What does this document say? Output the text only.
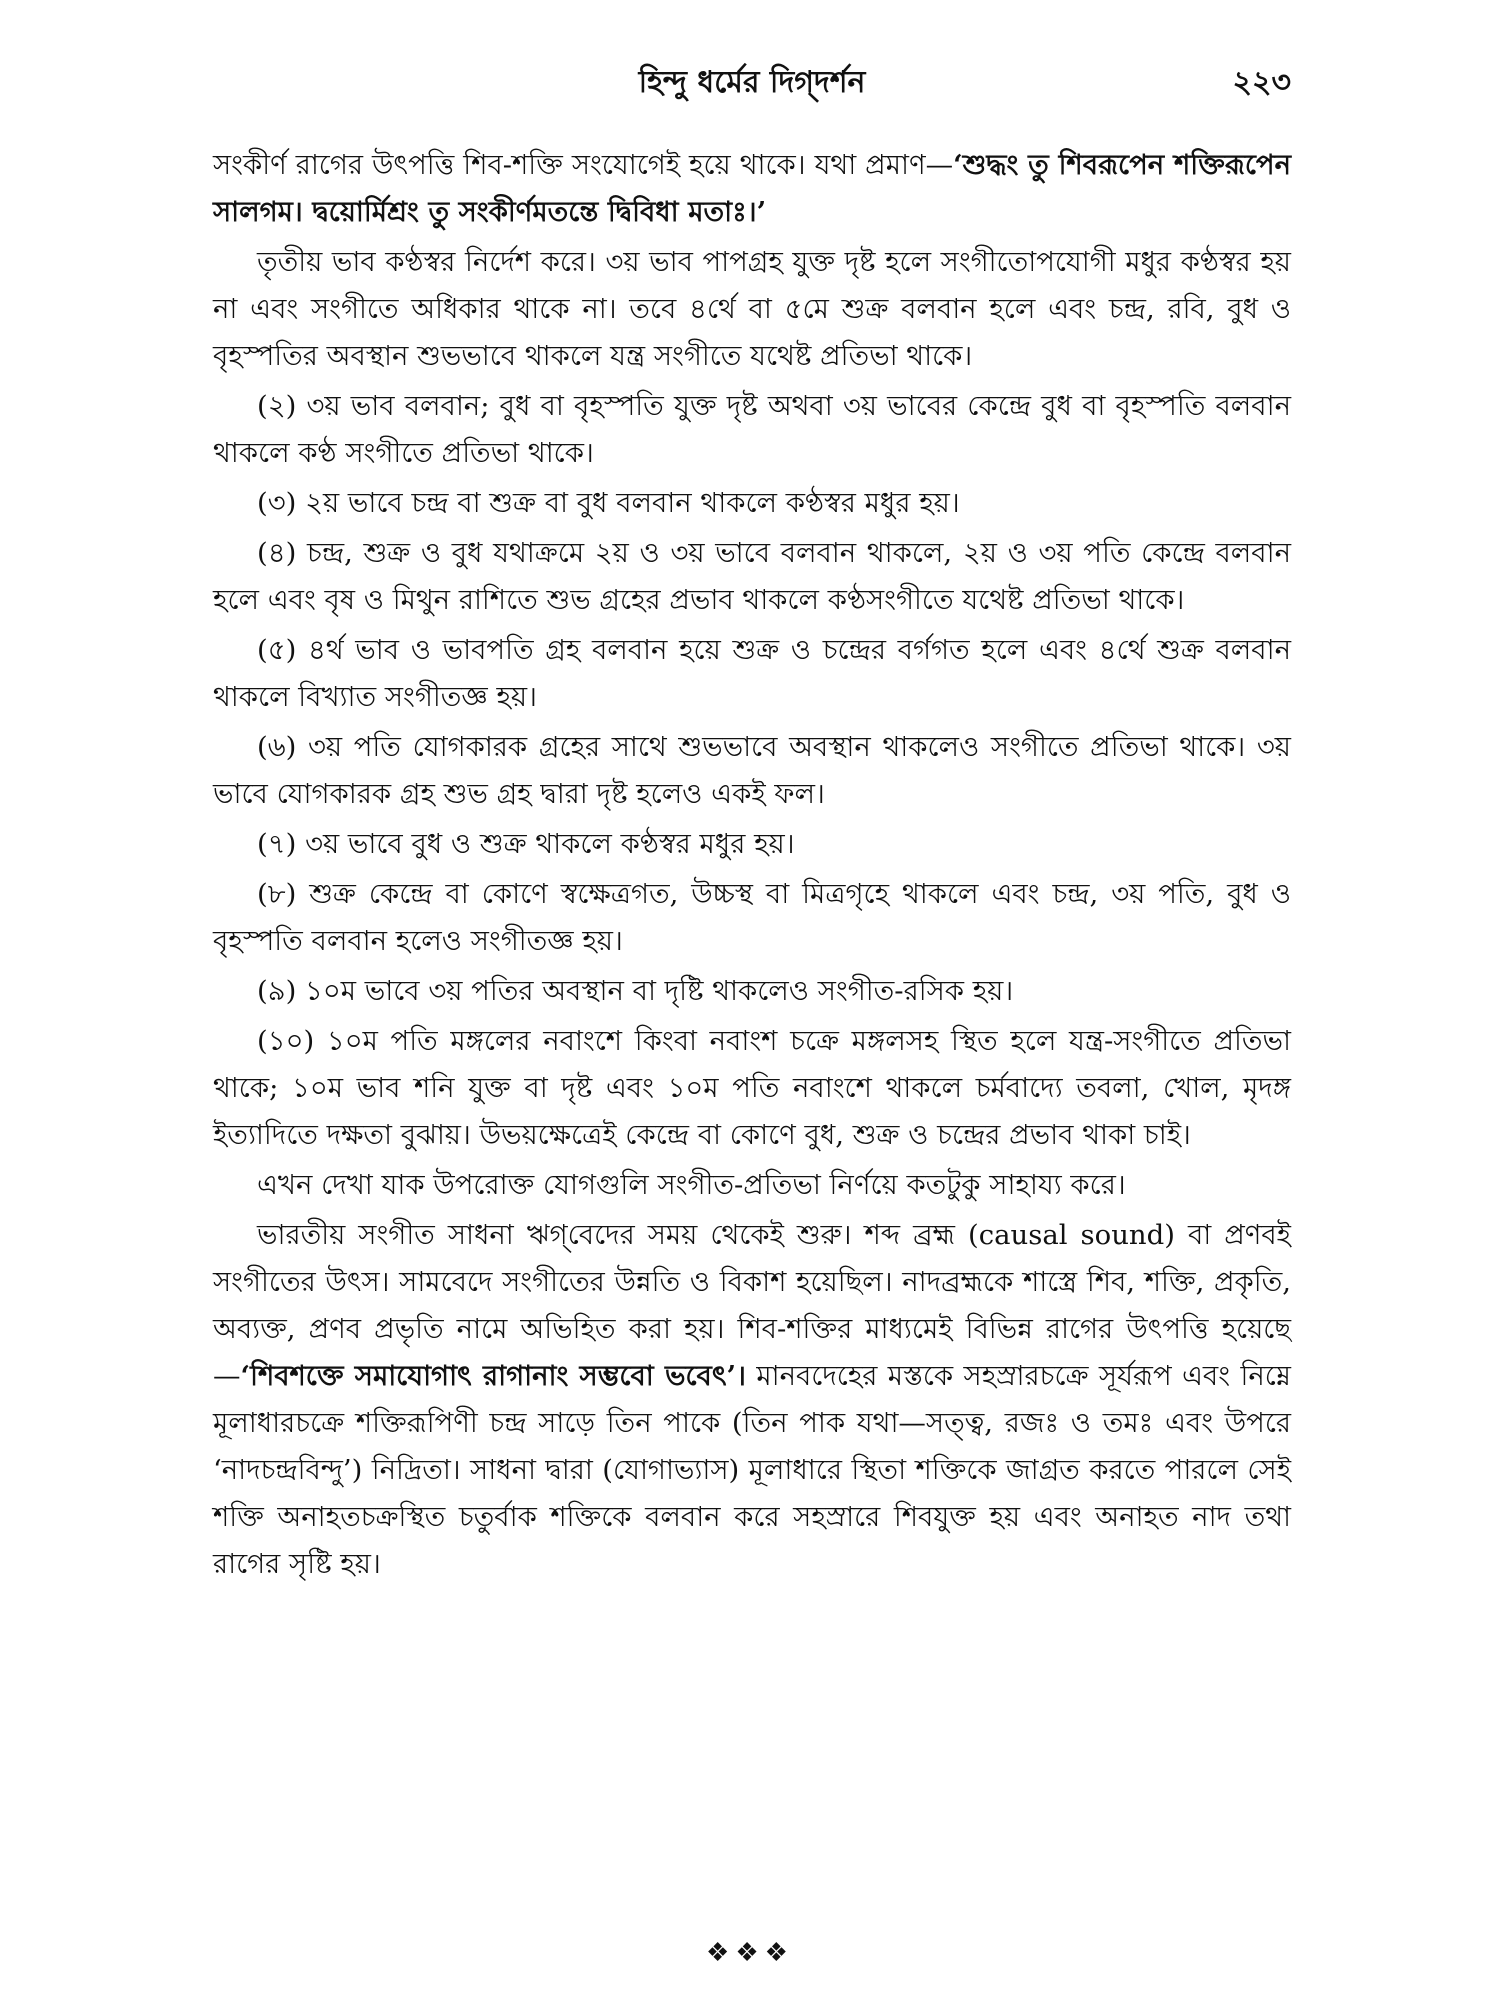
হিন্দু ধর্মের দিগ্‌দর্শন	২২৩

সংকীর্ণ রাগের উৎপত্তি শিব-শক্তি সংযোগেই হয়ে থাকে। যথা প্রমাণ—‘শুদ্ধং তু শিবরূপেন শক্তিরূপেন সালগম। দ্বয়োর্মিশ্রং তু সংকীর্ণমতন্তে দ্বিবিধা মতাঃ।’

তৃতীয় ভাব কণ্ঠস্বর নির্দেশ করে। ৩য় ভাব পাপগ্রহ যুক্ত দৃষ্ট হলে সংগীতোপযোগী মধুর কণ্ঠস্বর হয় না এবং সংগীতে অধিকার থাকে না। তবে ৪র্থে বা ৫মে শুক্র বলবান হলে এবং চন্দ্র, রবি, বুধ ও বৃহস্পতির অবস্থান শুভভাবে থাকলে যন্ত্র সংগীতে যথেষ্ট প্রতিভা থাকে।

(২) ৩য় ভাব বলবান; বুধ বা বৃহস্পতি যুক্ত দৃষ্ট অথবা ৩য় ভাবের কেন্দ্রে বুধ বা বৃহস্পতি বলবান থাকলে কণ্ঠ সংগীতে প্রতিভা থাকে।

(৩) ২য় ভাবে চন্দ্র বা শুক্র বা বুধ বলবান থাকলে কণ্ঠস্বর মধুর হয়।

(৪) চন্দ্র, শুক্র ও বুধ যথাক্রমে ২য় ও ৩য় ভাবে বলবান থাকলে, ২য় ও ৩য় পতি কেন্দ্রে বলবান হলে এবং বৃষ ও মিথুন রাশিতে শুভ গ্রহের প্রভাব থাকলে কণ্ঠসংগীতে যথেষ্ট প্রতিভা থাকে।

(৫) ৪র্থ ভাব ও ভাবপতি গ্রহ বলবান হয়ে শুক্র ও চন্দ্রের বর্গগত হলে এবং ৪র্থে শুক্র বলবান থাকলে বিখ্যাত সংগীতজ্ঞ হয়।

(৬) ৩য় পতি যোগকারক গ্রহের সাথে শুভভাবে অবস্থান থাকলেও সংগীতে প্রতিভা থাকে। ৩য় ভাবে যোগকারক গ্রহ শুভ গ্রহ দ্বারা দৃষ্ট হলেও একই ফল।

(৭) ৩য় ভাবে বুধ ও শুক্র থাকলে কণ্ঠস্বর মধুর হয়।

(৮) শুক্র কেন্দ্রে বা কোণে স্বক্ষেত্রগত, উচ্চস্থ বা মিত্রগৃহে থাকলে এবং চন্দ্র, ৩য় পতি, বুধ ও বৃহস্পতি বলবান হলেও সংগীতজ্ঞ হয়।

(৯) ১০ম ভাবে ৩য় পতির অবস্থান বা দৃষ্টি থাকলেও সংগীত-রসিক হয়।

(১০) ১০ম পতি মঙ্গলের নবাংশে কিংবা নবাংশ চক্রে মঙ্গলসহ স্থিত হলে যন্ত্র-সংগীতে প্রতিভা থাকে; ১০ম ভাব শনি যুক্ত বা দৃষ্ট এবং ১০ম পতি নবাংশে থাকলে চর্মবাদ্যে তবলা, খোল, মৃদঙ্গ ইত্যাদিতে দক্ষতা বুঝায়। উভয়ক্ষেত্রেই কেন্দ্রে বা কোণে বুধ, শুক্র ও চন্দ্রের প্রভাব থাকা চাই।

এখন দেখা যাক উপরোক্ত যোগগুলি সংগীত-প্রতিভা নির্ণয়ে কতটুকু সাহায্য করে।

ভারতীয় সংগীত সাধনা ঋগ্‌বেদের সময় থেকেই শুরু। শব্দ ব্রহ্ম (causal sound) বা প্রণবই সংগীতের উৎস। সামবেদে সংগীতের উন্নতি ও বিকাশ হয়েছিল। নাদব্রহ্মকে শাস্ত্রে শিব, শক্তি, প্রকৃতি, অব্যক্ত, প্রণব প্রভৃতি নামে অভিহিত করা হয়। শিব-শক্তির মাধ্যমেই বিভিন্ন রাগের উৎপত্তি হয়েছে—‘শিবশক্তে সমাযোগাৎ রাগানাং সম্ভবো ভবেৎ’। মানবদেহের মস্তকে সহস্রারচক্রে সূর্যরূপ এবং নিম্নে মূলাধারচক্রে শক্তিরূপিণী চন্দ্র সাড়ে তিন পাকে (তিন পাক যথা—সত্ত্ব, রজঃ ও তমঃ এবং উপরে ‘নাদচন্দ্রবিন্দু’) নিদ্রিতা। সাধনা দ্বারা (যোগাভ্যাস) মূলাধারে স্থিতা শক্তিকে জাগ্রত করতে পারলে সেই শক্তি অনাহতচক্রস্থিত চতুর্বাক শক্তিকে বলবান করে সহস্রারে শিবযুক্ত হয় এবং অনাহত নাদ তথা রাগের সৃষ্টি হয়।

❖❖❖
